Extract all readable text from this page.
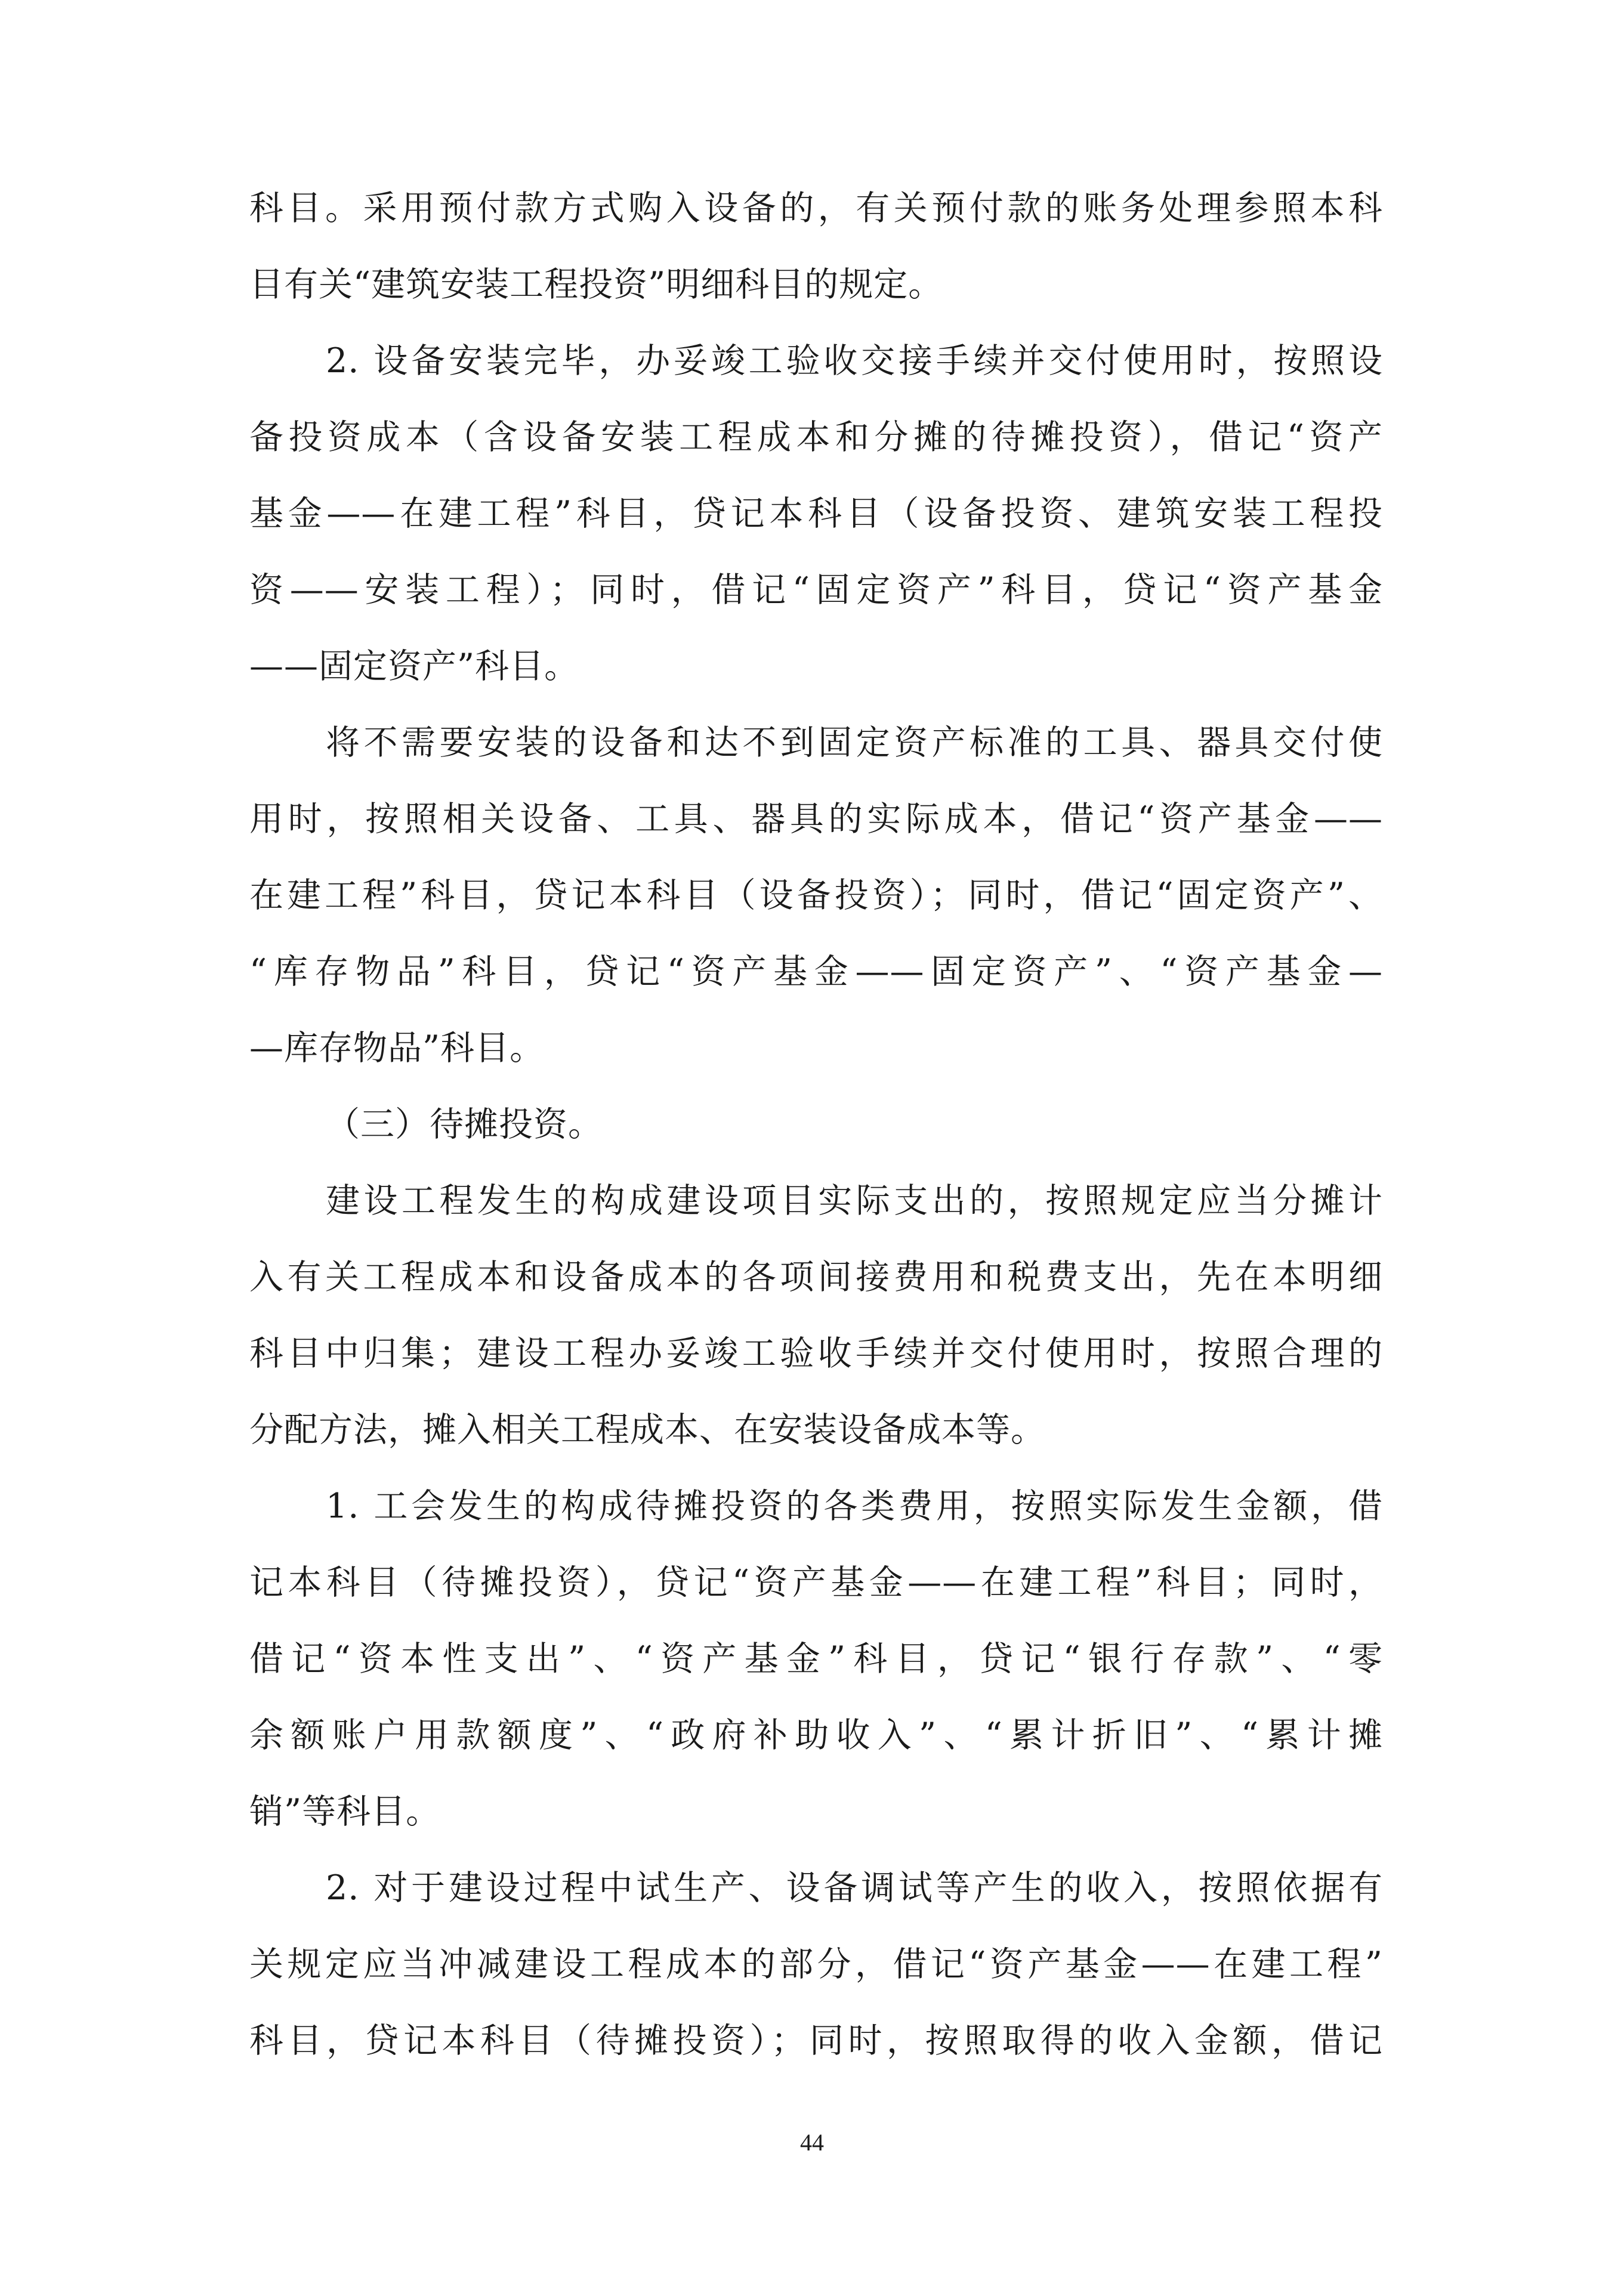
科目。采用预付款方式购入设备的，有关预付款的账务处理参照本科
目有关“建筑安装工程投资”明细科目的规定。
2. 设备安装完毕，办妥竣工验收交接手续并交付使用时，按照设
备投资成本（含设备安装工程成本和分摊的待摊投资），借记“资产
基金——在建工程”科目，贷记本科目（设备投资、建筑安装工程投
资——安装工程）；同时，借记“固定资产”科目，贷记“资产基金
——固定资产”科目。
将不需要安装的设备和达不到固定资产标准的工具、器具交付使
用时，按照相关设备、工具、器具的实际成本，借记“资产基金——
在建工程”科目，贷记本科目（设备投资）；同时，借记“固定资产”、
“库存物品”科目，贷记“资产基金——固定资产”、“资产基金—
—库存物品”科目。
（三）待摊投资。
建设工程发生的构成建设项目实际支出的，按照规定应当分摊计
入有关工程成本和设备成本的各项间接费用和税费支出，先在本明细
科目中归集；建设工程办妥竣工验收手续并交付使用时，按照合理的
分配方法，摊入相关工程成本、在安装设备成本等。
1. 工会发生的构成待摊投资的各类费用，按照实际发生金额，借
记本科目（待摊投资），贷记“资产基金——在建工程”科目；同时，
借记“资本性支出”、“资产基金”科目，贷记“银行存款”、“零
余额账户用款额度”、“政府补助收入”、“累计折旧”、“累计摊
销”等科目。
2. 对于建设过程中试生产、设备调试等产生的收入，按照依据有
关规定应当冲减建设工程成本的部分，借记“资产基金——在建工程”
科目，贷记本科目（待摊投资）；同时，按照取得的收入金额，借记
44
